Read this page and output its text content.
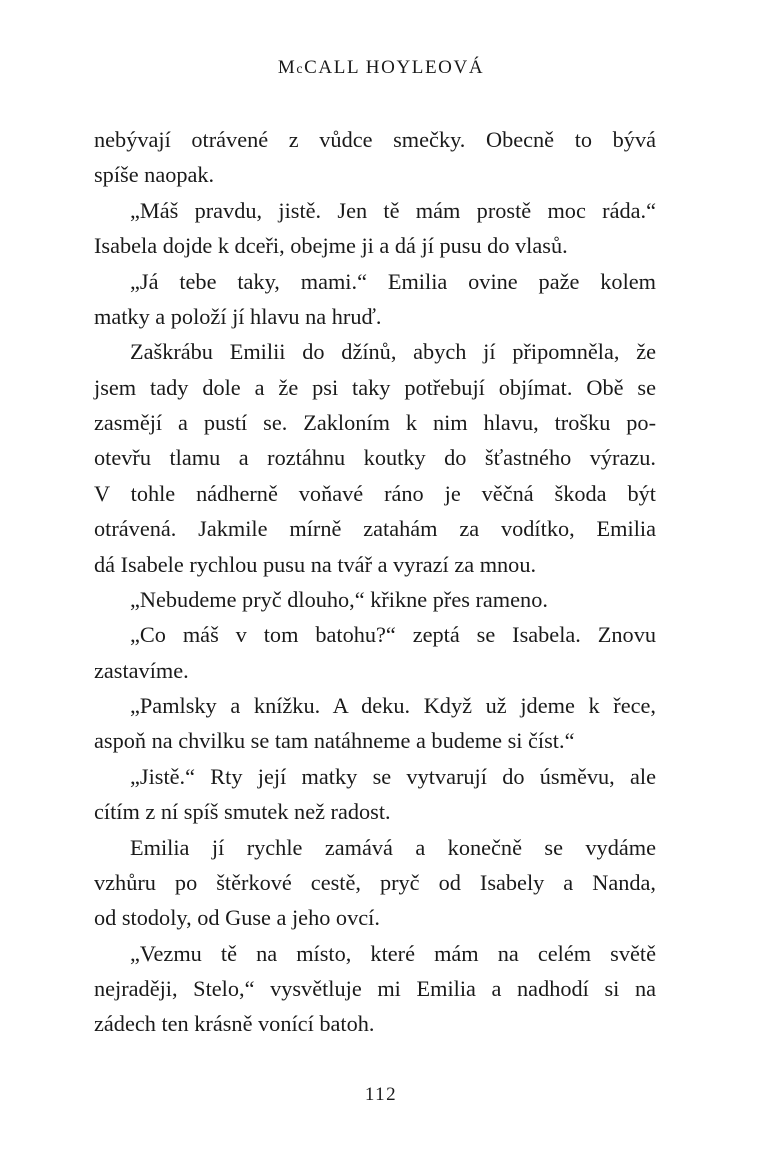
McCALL HOYLEOVÁ
nebývají otrávené z vůdce smečky. Obecně to bývá
spíše naopak.
„Máš pravdu, jistě. Jen tě mám prostě moc ráda.“
Isabela dojde k dceři, obejme ji a dá jí pusu do vlasů.
„Já tebe taky, mami.“ Emilia ovine paže kolem
matky a položí jí hlavu na hruď.
Zaškrábu Emilii do džínů, abych jí připomněla, že
jsem tady dole a že psi taky potřebují objímat. Obě se
zasmějí a pustí se. Zakloním k nim hlavu, trošku po-
otevřu tlamu a roztáhnu koutky do šťastného výrazu.
V tohle nádherně voňavé ráno je věčná škoda být
otrávená. Jakmile mírně zatahám za vodítko, Emilia
dá Isabele rychlou pusu na tvář a vyrazí za mnou.
„Nebudeme pryč dlouho,“ křikne přes rameno.
„Co máš v tom batohu?“ zeptá se Isabela. Znovu
zastavíme.
„Pamlsky a knížku. A deku. Když už jdeme k řece,
aspoň na chvilku se tam natáhneme a budeme si číst.“
„Jistě.“ Rty její matky se vytvarují do úsměvu, ale
cítím z ní spíš smutek než radost.
Emilia jí rychle zamává a konečně se vydáme
vzhůru po štěrkové cestě, pryč od Isabely a Nanda,
od stodoly, od Guse a jeho ovcí.
„Vezmu tě na místo, které mám na celém světě
nejraději, Stelo,“ vysvětluje mi Emilia a nadhodí si na
zádech ten krásně vonící batoh.
112
